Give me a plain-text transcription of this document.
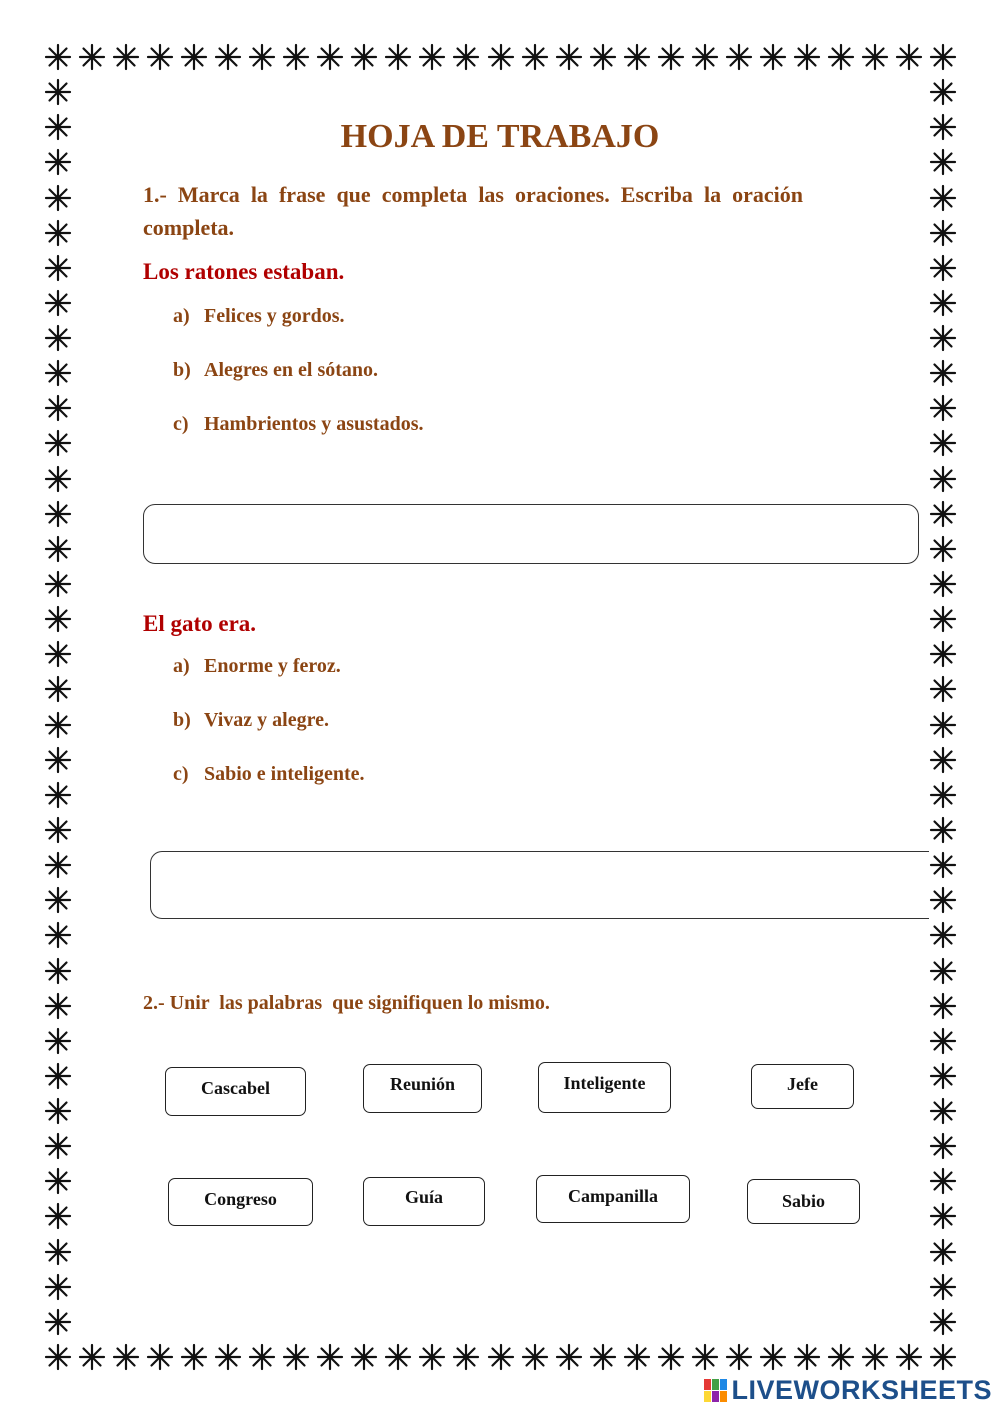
HOJA DE TRABAJO
1.- Marca la frase que completa las oraciones. Escriba la oración completa.
Los ratones estaban.
a) Felices y gordos.
b) Alegres en el sótano.
c) Hambrientos y asustados.
El gato era.
a) Enorme y feroz.
b) Vivaz y alegre.
c) Sabio e inteligente.
2.- Unir  las palabras  que signifiquen lo mismo.
Cascabel	Reunión	Inteligente	Jefe
Congreso	Guía	Campanilla	Sabio
LIVEWORKSHEETS
